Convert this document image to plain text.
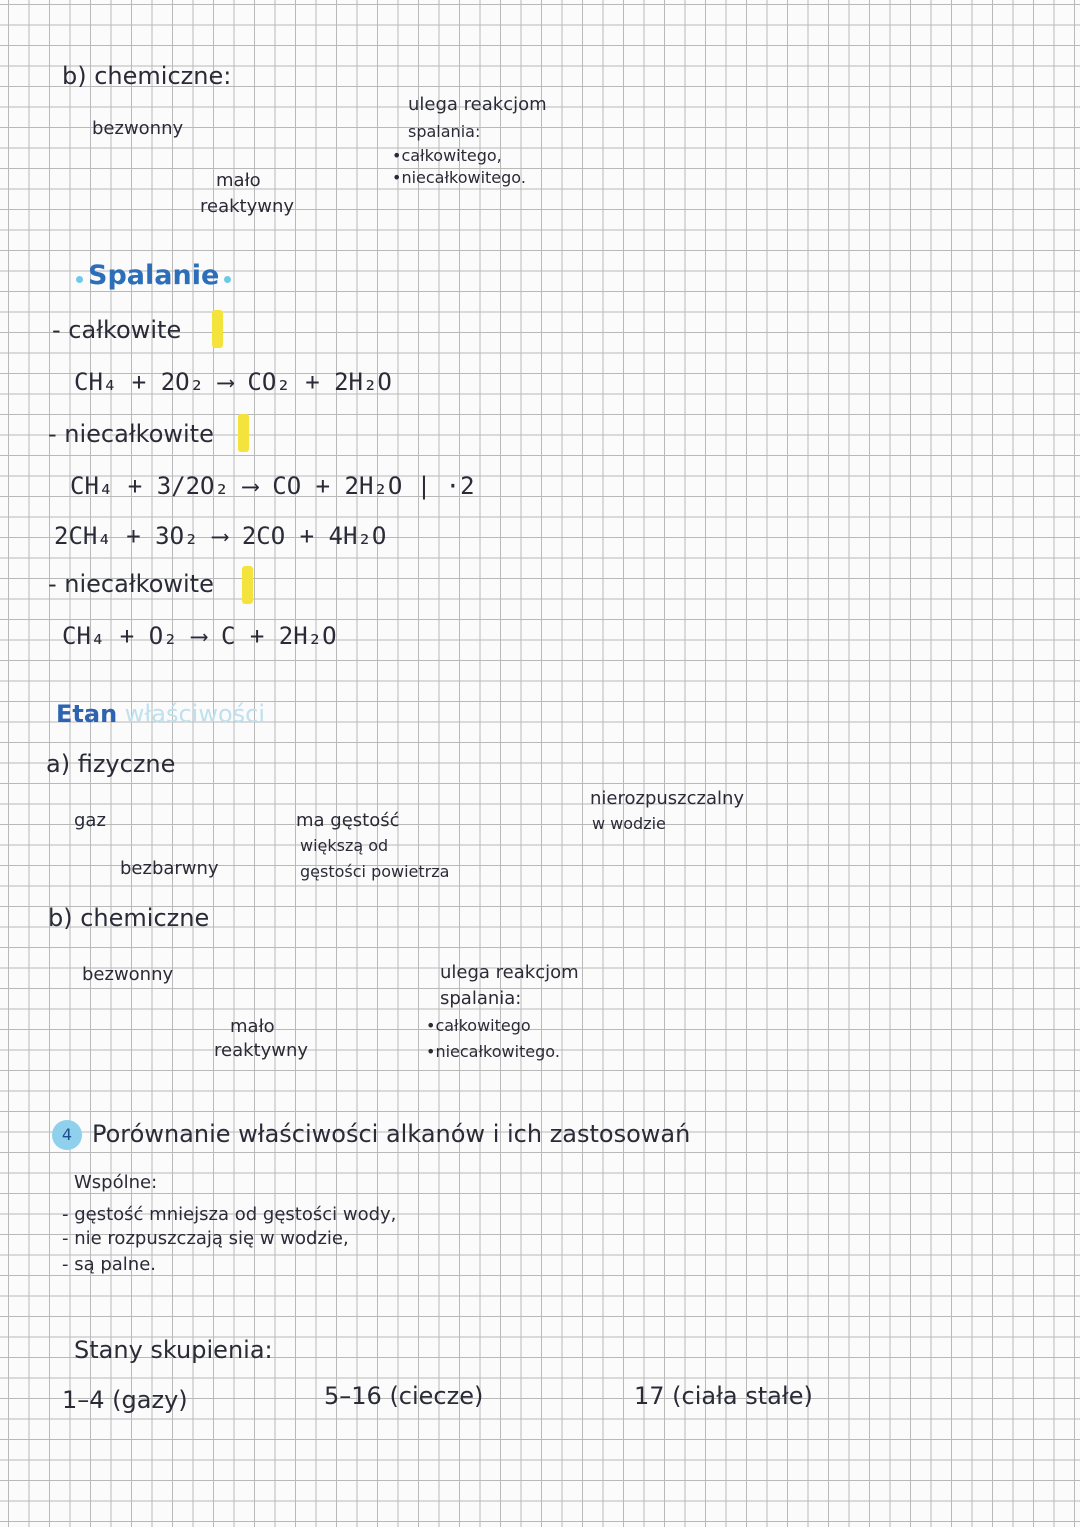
b) chemiczne:
bezwonny
mało
reaktywny
ulega reakcjom
spalania:
•całkowitego,
•niecałkowitego.
Spalanie
- całkowite
CH₄ + 2O₂ ⟶ CO₂ + 2H₂O
- niecałkowite
CH₄ + 3/2O₂ ⟶ CO + 2H₂O | ·2
2CH₄ + 3O₂ ⟶ 2CO + 4H₂O
- niecałkowite
CH₄ + O₂ ⟶ C + 2H₂O
Etan właściwości
a) fizyczne
gaz
bezbarwny
ma gęstość
większą od
gęstości powietrza
nierozpuszczalny
w wodzie
b) chemiczne
bezwonny
mało
reaktywny
ulega reakcjom
spalania:
•całkowitego
•niecałkowitego.
4 Porównanie właściwości alkanów i ich zastosowań
Wspólne:
- gęstość mniejsza od gęstości wody,
- nie rozpuszczają się w wodzie,
- są palne.
Stany skupienia:
1–4 (gazy)	5–16 (ciecze)	17 (ciała stałe)
